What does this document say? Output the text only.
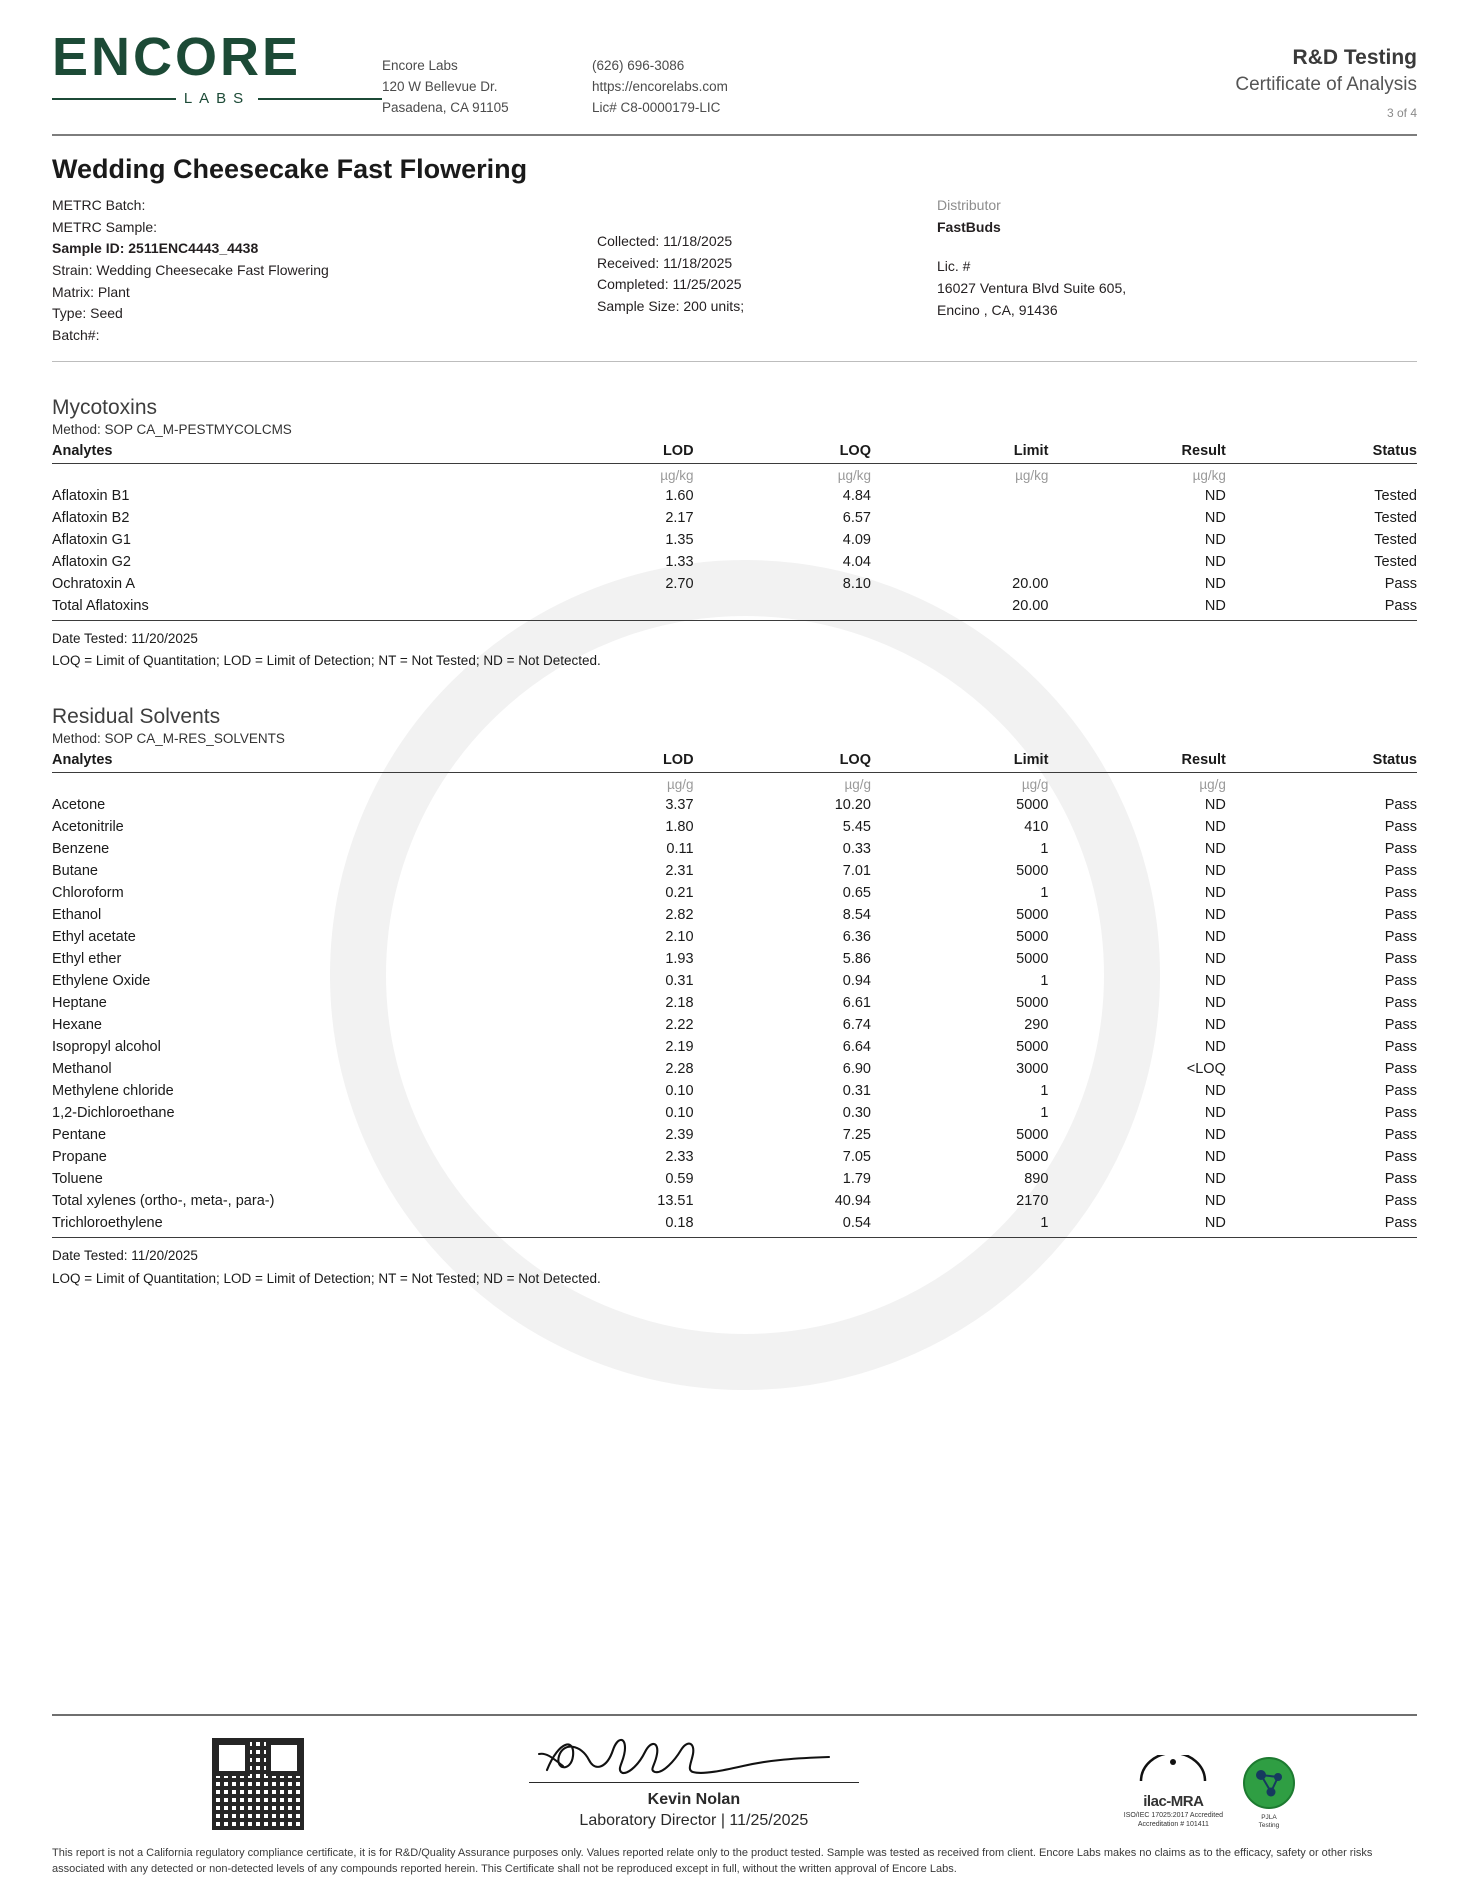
ENCORE
LABS
Encore Labs
120 W Bellevue Dr.
Pasadena, CA 91105
(626) 696-3086
https://encorelabs.com
Lic# C8-0000179-LIC
R&D Testing
Certificate of Analysis
3 of 4
Wedding Cheesecake Fast Flowering
METRC Batch:
METRC Sample:
Sample ID: 2511ENC4443_4438
Strain: Wedding Cheesecake Fast Flowering
Matrix: Plant
Type: Seed
Batch#:
Collected: 11/18/2025
Received: 11/18/2025
Completed: 11/25/2025
Sample Size: 200 units;
Distributor
FastBuds
Lic. #
16027 Ventura Blvd Suite 605,
Encino , CA, 91436
Mycotoxins
Method: SOP CA_M-PESTMYCOLCMS
Analytes	LOD	LOQ	Limit	Result	Status
	µg/kg	µg/kg	µg/kg	µg/kg	
Aflatoxin B1	1.60	4.84		ND	Tested
Aflatoxin B2	2.17	6.57		ND	Tested
Aflatoxin G1	1.35	4.09		ND	Tested
Aflatoxin G2	1.33	4.04		ND	Tested
Ochratoxin A	2.70	8.10	20.00	ND	Pass
Total Aflatoxins			20.00	ND	Pass
Date Tested: 11/20/2025
LOQ = Limit of Quantitation; LOD = Limit of Detection; NT = Not Tested; ND = Not Detected.
Residual Solvents
Method: SOP CA_M-RES_SOLVENTS
Analytes	LOD	LOQ	Limit	Result	Status
	µg/g	µg/g	µg/g	µg/g	
Acetone	3.37	10.20	5000	ND	Pass
Acetonitrile	1.80	5.45	410	ND	Pass
Benzene	0.11	0.33	1	ND	Pass
Butane	2.31	7.01	5000	ND	Pass
Chloroform	0.21	0.65	1	ND	Pass
Ethanol	2.82	8.54	5000	ND	Pass
Ethyl acetate	2.10	6.36	5000	ND	Pass
Ethyl ether	1.93	5.86	5000	ND	Pass
Ethylene Oxide	0.31	0.94	1	ND	Pass
Heptane	2.18	6.61	5000	ND	Pass
Hexane	2.22	6.74	290	ND	Pass
Isopropyl alcohol	2.19	6.64	5000	ND	Pass
Methanol	2.28	6.90	3000	<LOQ	Pass
Methylene chloride	0.10	0.31	1	ND	Pass
1,2-Dichloroethane	0.10	0.30	1	ND	Pass
Pentane	2.39	7.25	5000	ND	Pass
Propane	2.33	7.05	5000	ND	Pass
Toluene	0.59	1.79	890	ND	Pass
Total xylenes (ortho-, meta-, para-)	13.51	40.94	2170	ND	Pass
Trichloroethylene	0.18	0.54	1	ND	Pass
Date Tested: 11/20/2025
LOQ = Limit of Quantitation; LOD = Limit of Detection; NT = Not Tested; ND = Not Detected.
Kevin Nolan
Laboratory Director | 11/25/2025
ilac-MRA
ISO/IEC 17025:2017 Accredited
Accreditation # 101411
PJLA
Testing
This report is not a California regulatory compliance certificate, it is for R&D/Quality Assurance purposes only. Values reported relate only to the product tested. Sample was tested as received from client. Encore Labs makes no claims as to the efficacy, safety or other risks associated with any detected or non-detected levels of any compounds reported herein. This Certificate shall not be reproduced except in full, without the written approval of Encore Labs.
